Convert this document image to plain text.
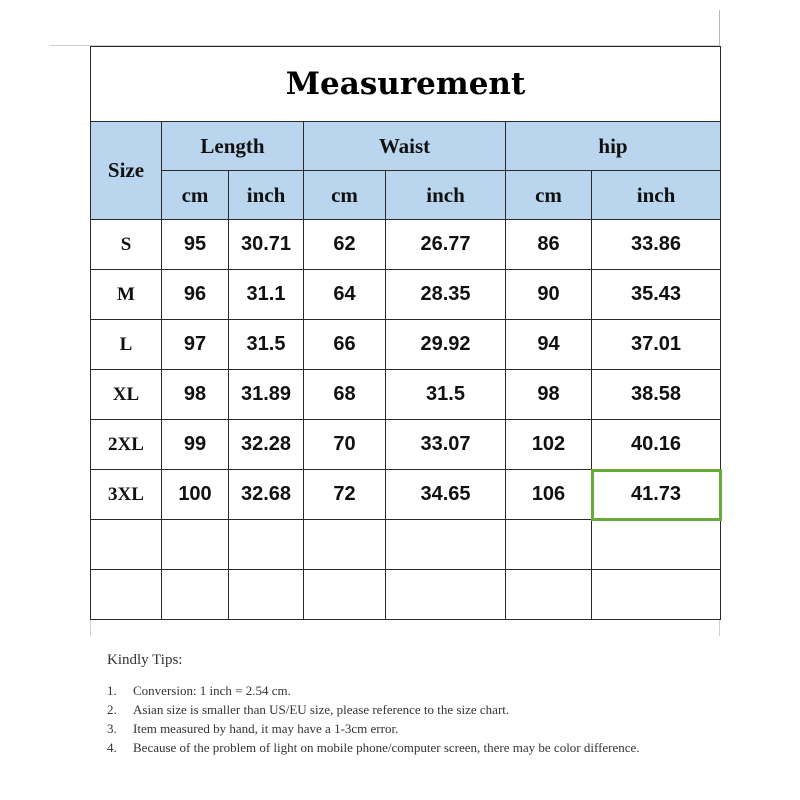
Measurement						
Size	Length		Waist		hip	
	cm	inch	cm	inch	cm	inch
S	95	30.71	62	26.77	86	33.86
M	96	31.1	64	28.35	90	35.43
L	97	31.5	66	29.92	94	37.01
XL	98	31.89	68	31.5	98	38.58
2XL	99	32.28	70	33.07	102	40.16
3XL	100	32.68	72	34.65	106	41.73

Kindly Tips:
1.	Conversion: 1 inch = 2.54 cm.
2.	Asian size is smaller than US/EU size, please reference to the size chart.
3.	Item measured by hand, it may have a 1-3cm error.
4.	Because of the problem of light on mobile phone/computer screen, there may be color difference.
